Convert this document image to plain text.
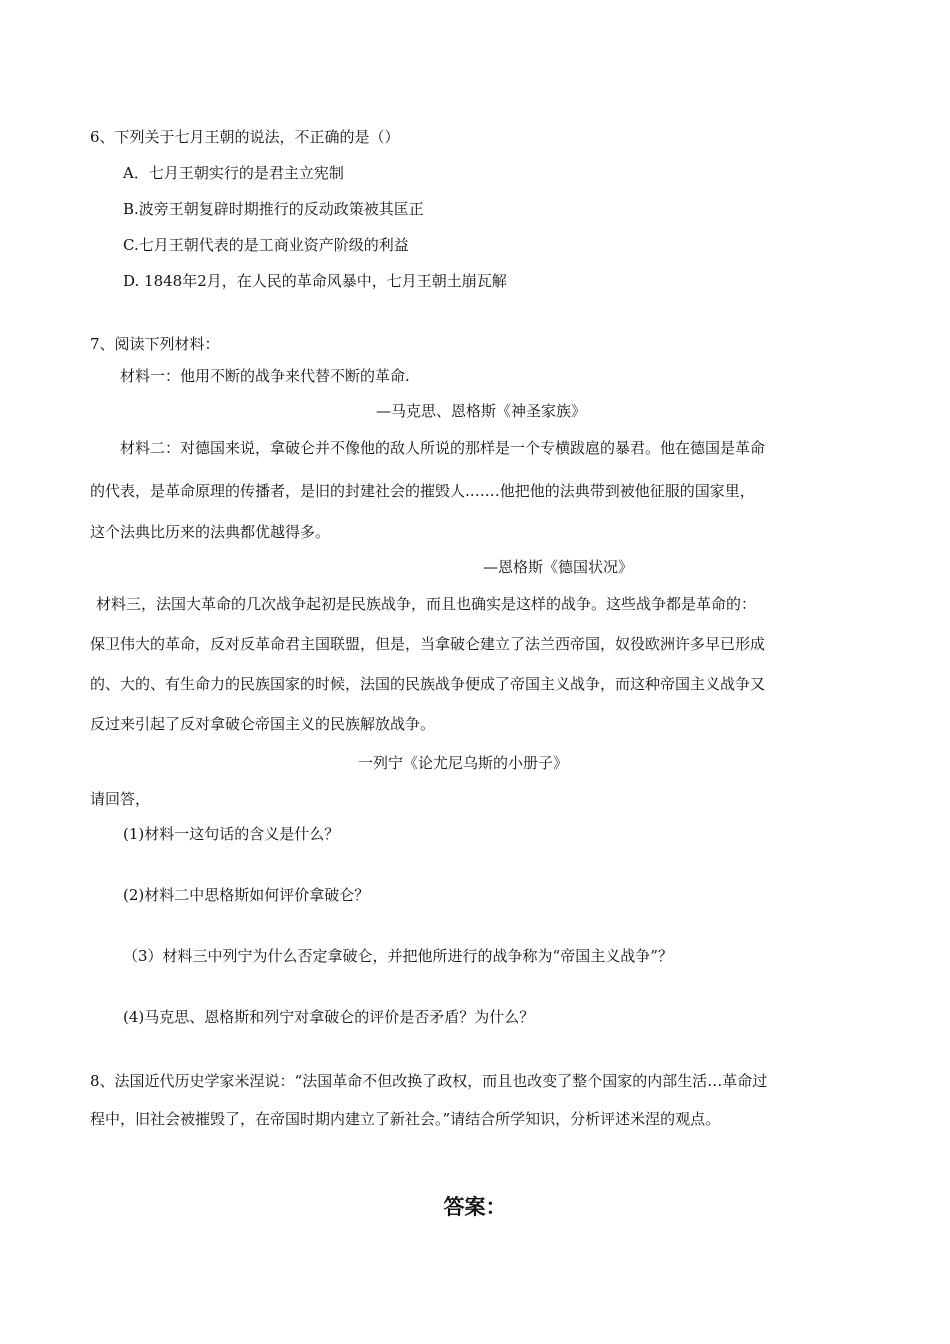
6、下列关于七月王朝的说法，不正确的是（）
A．七月王朝实行的是君主立宪制
B.波旁王朝复辟时期推行的反动政策被其匡正
C.七月王朝代表的是工商业资产阶级的利益
D. 1848年2月，在人民的革命风暴中，七月王朝土崩瓦解
7、阅读下列材料：
材料一：他用不断的战争来代替不断的革命.
—马克思、恩格斯《神圣家族》
材料二：对德国来说，拿破仑并不像他的敌人所说的那样是一个专横跋扈的暴君。他在德国是革命
的代表，是革命原理的传播者，是旧的封建社会的摧毁人.……他把他的法典带到被他征服的国家里，
这个法典比历来的法典都优越得多。
—恩格斯《德国状况》
材料三，法国大革命的几次战争起初是民族战争，而且也确实是这样的战争。这些战争都是革命的：
保卫伟大的革命，反对反革命君主国联盟，但是，当拿破仑建立了法兰西帝国，奴役欧洲许多早已形成
的、大的、有生命力的民族国家的时候，法国的民族战争便成了帝国主义战争，而这种帝国主义战争又
反过来引起了反对拿破仑帝国主义的民族解放战争。
一列宁《论尤尼乌斯的小册子》
请回答，
(1)材料一这句话的含义是什么？
(2)材料二中思格斯如何评价拿破仑？
（3）材料三中列宁为什么否定拿破仑，并把他所进行的战争称为“帝国主义战争”？
(4)马克思、恩格斯和列宁对拿破仑的评价是否矛盾？为什么？
8、法国近代历史学家米涅说：“法国革命不但改换了政权，而且也改变了整个国家的内部生活…革命过
程中，旧社会被摧毁了，在帝国时期内建立了新社会。”请结合所学知识，分析评述米涅的观点。
答案：
